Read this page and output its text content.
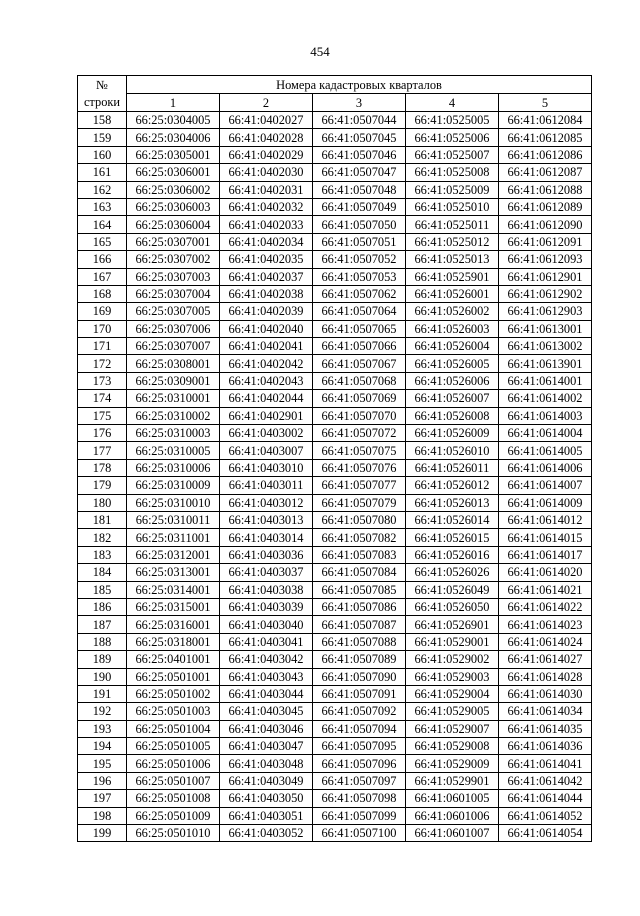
454
№	Номера кадастровых кварталов				
строки	1	2	3	4	5
158	66:25:0304005	66:41:0402027	66:41:0507044	66:41:0525005	66:41:0612084
159	66:25:0304006	66:41:0402028	66:41:0507045	66:41:0525006	66:41:0612085
160	66:25:0305001	66:41:0402029	66:41:0507046	66:41:0525007	66:41:0612086
161	66:25:0306001	66:41:0402030	66:41:0507047	66:41:0525008	66:41:0612087
162	66:25:0306002	66:41:0402031	66:41:0507048	66:41:0525009	66:41:0612088
163	66:25:0306003	66:41:0402032	66:41:0507049	66:41:0525010	66:41:0612089
164	66:25:0306004	66:41:0402033	66:41:0507050	66:41:0525011	66:41:0612090
165	66:25:0307001	66:41:0402034	66:41:0507051	66:41:0525012	66:41:0612091
166	66:25:0307002	66:41:0402035	66:41:0507052	66:41:0525013	66:41:0612093
167	66:25:0307003	66:41:0402037	66:41:0507053	66:41:0525901	66:41:0612901
168	66:25:0307004	66:41:0402038	66:41:0507062	66:41:0526001	66:41:0612902
169	66:25:0307005	66:41:0402039	66:41:0507064	66:41:0526002	66:41:0612903
170	66:25:0307006	66:41:0402040	66:41:0507065	66:41:0526003	66:41:0613001
171	66:25:0307007	66:41:0402041	66:41:0507066	66:41:0526004	66:41:0613002
172	66:25:0308001	66:41:0402042	66:41:0507067	66:41:0526005	66:41:0613901
173	66:25:0309001	66:41:0402043	66:41:0507068	66:41:0526006	66:41:0614001
174	66:25:0310001	66:41:0402044	66:41:0507069	66:41:0526007	66:41:0614002
175	66:25:0310002	66:41:0402901	66:41:0507070	66:41:0526008	66:41:0614003
176	66:25:0310003	66:41:0403002	66:41:0507072	66:41:0526009	66:41:0614004
177	66:25:0310005	66:41:0403007	66:41:0507075	66:41:0526010	66:41:0614005
178	66:25:0310006	66:41:0403010	66:41:0507076	66:41:0526011	66:41:0614006
179	66:25:0310009	66:41:0403011	66:41:0507077	66:41:0526012	66:41:0614007
180	66:25:0310010	66:41:0403012	66:41:0507079	66:41:0526013	66:41:0614009
181	66:25:0310011	66:41:0403013	66:41:0507080	66:41:0526014	66:41:0614012
182	66:25:0311001	66:41:0403014	66:41:0507082	66:41:0526015	66:41:0614015
183	66:25:0312001	66:41:0403036	66:41:0507083	66:41:0526016	66:41:0614017
184	66:25:0313001	66:41:0403037	66:41:0507084	66:41:0526026	66:41:0614020
185	66:25:0314001	66:41:0403038	66:41:0507085	66:41:0526049	66:41:0614021
186	66:25:0315001	66:41:0403039	66:41:0507086	66:41:0526050	66:41:0614022
187	66:25:0316001	66:41:0403040	66:41:0507087	66:41:0526901	66:41:0614023
188	66:25:0318001	66:41:0403041	66:41:0507088	66:41:0529001	66:41:0614024
189	66:25:0401001	66:41:0403042	66:41:0507089	66:41:0529002	66:41:0614027
190	66:25:0501001	66:41:0403043	66:41:0507090	66:41:0529003	66:41:0614028
191	66:25:0501002	66:41:0403044	66:41:0507091	66:41:0529004	66:41:0614030
192	66:25:0501003	66:41:0403045	66:41:0507092	66:41:0529005	66:41:0614034
193	66:25:0501004	66:41:0403046	66:41:0507094	66:41:0529007	66:41:0614035
194	66:25:0501005	66:41:0403047	66:41:0507095	66:41:0529008	66:41:0614036
195	66:25:0501006	66:41:0403048	66:41:0507096	66:41:0529009	66:41:0614041
196	66:25:0501007	66:41:0403049	66:41:0507097	66:41:0529901	66:41:0614042
197	66:25:0501008	66:41:0403050	66:41:0507098	66:41:0601005	66:41:0614044
198	66:25:0501009	66:41:0403051	66:41:0507099	66:41:0601006	66:41:0614052
199	66:25:0501010	66:41:0403052	66:41:0507100	66:41:0601007	66:41:0614054
